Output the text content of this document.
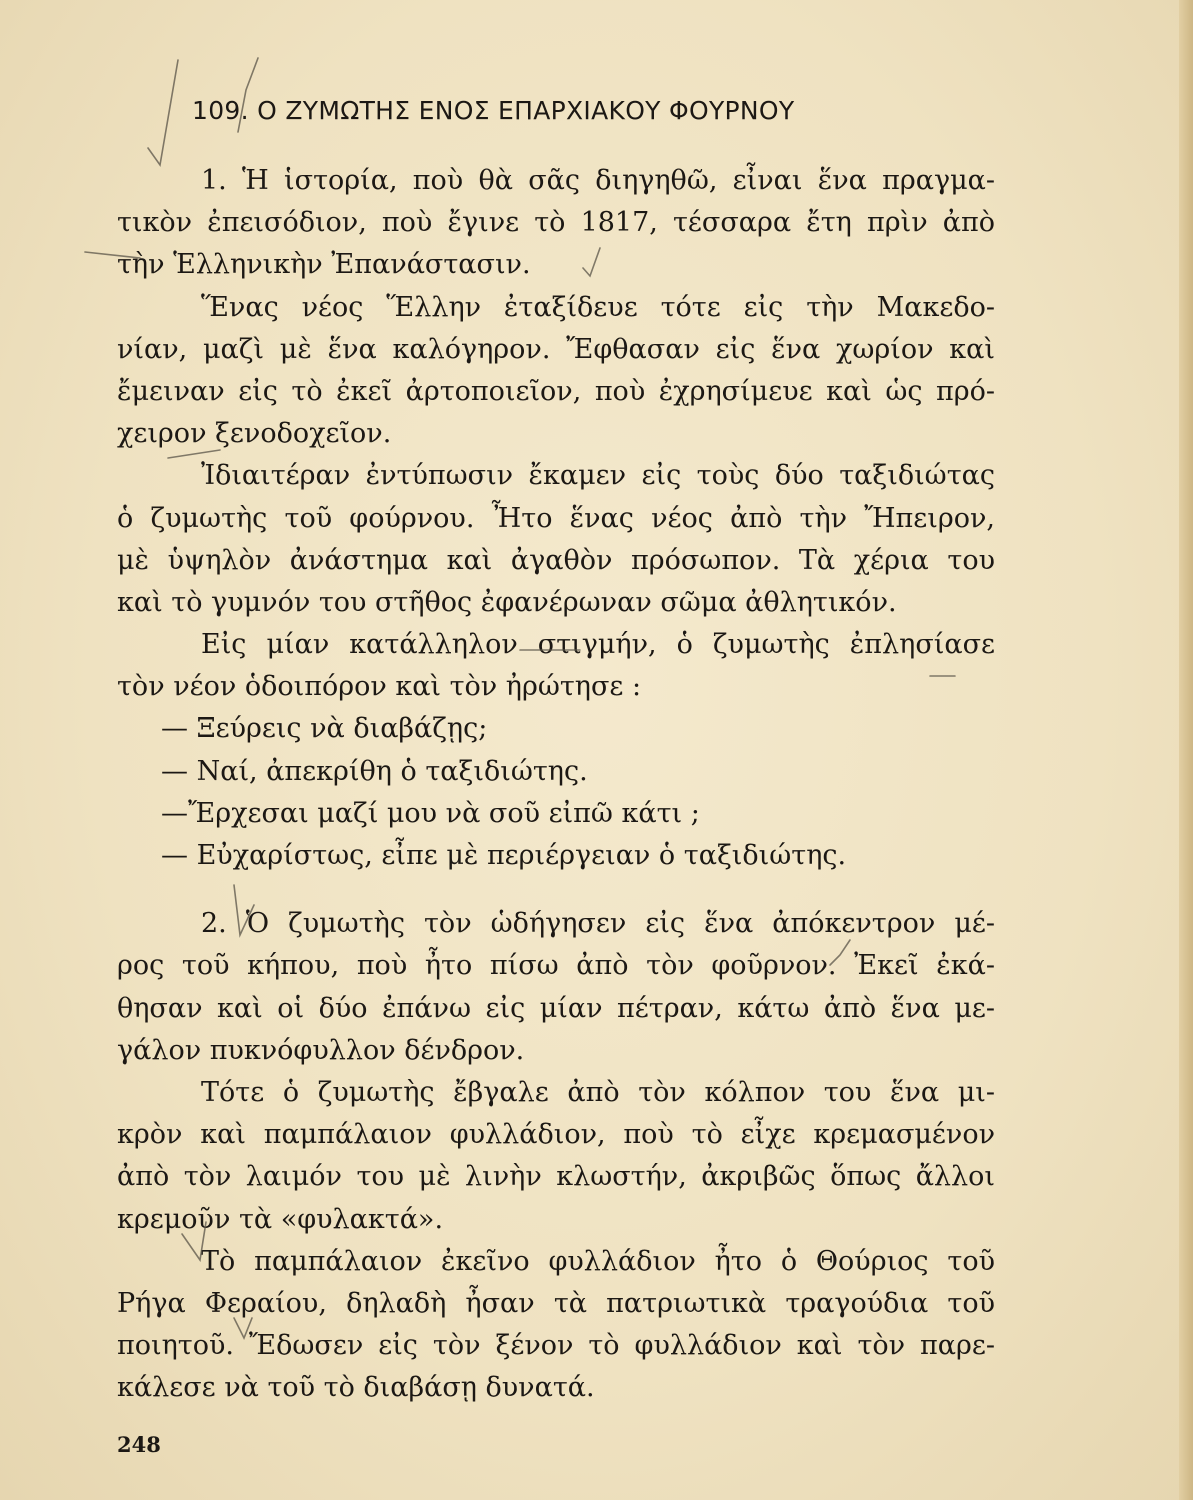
109. Ο ΖΥΜΩΤΗΣ ΕΝΟΣ ΕΠΑΡΧΙΑΚΟΥ ΦΟΥΡΝΟΥ
1. Ἡ ἱστορία, ποὺ θὰ σᾶς διηγηθῶ, εἶναι ἕνα πραγμα-
τικὸν ἐπεισόδιον, ποὺ ἔγινε τὸ 1817, τέσσαρα ἔτη πρὶν ἀπὸ
τὴν Ἑλληνικὴν Ἐπανάστασιν.
Ἕνας νέος Ἕλλην ἐταξίδευε τότε εἰς τὴν Μακεδο-
νίαν, μαζὶ μὲ ἕνα καλόγηρον. Ἔφθασαν εἰς ἕνα χωρίον καὶ
ἔμειναν εἰς τὸ ἐκεῖ ἀρτοποιεῖον, ποὺ ἐχρησίμευε καὶ ὡς πρό-
χειρον ξενοδοχεῖον.
Ἰδιαιτέραν ἐντύπωσιν ἔκαμεν εἰς τοὺς δύο ταξιδιώτας
ὁ ζυμωτὴς τοῦ φούρνου. Ἦτο ἕνας νέος ἀπὸ τὴν Ἤπειρον,
μὲ ὑψηλὸν ἀνάστημα καὶ ἀγαθὸν πρόσωπον. Τὰ χέρια του
καὶ τὸ γυμνόν του στῆθος ἐφανέρωναν σῶμα ἀθλητικόν.
Εἰς μίαν κατάλληλον στιγμήν, ὁ ζυμωτὴς ἐπλησίασε
τὸν νέον ὁδοιπόρον καὶ τὸν ἠρώτησε :
— Ξεύρεις νὰ διαβάζῃς;
— Ναί, ἀπεκρίθη ὁ ταξιδιώτης.
—Ἔρχεσαι μαζί μου νὰ σοῦ εἰπῶ κάτι ;
— Εὐχαρίστως, εἶπε μὲ περιέργειαν ὁ ταξιδιώτης.
2. Ὁ ζυμωτὴς τὸν ὡδήγησεν εἰς ἕνα ἀπόκεντρον μέ-
ρος τοῦ κήπου, ποὺ ἦτο πίσω ἀπὸ τὸν φοῦρνον. Ἐκεῖ ἐκά-
θησαν καὶ οἱ δύο ἐπάνω εἰς μίαν πέτραν, κάτω ἀπὸ ἕνα με-
γάλον πυκνόφυλλον δένδρον.
Τότε ὁ ζυμωτὴς ἔβγαλε ἀπὸ τὸν κόλπον του ἕνα μι-
κρὸν καὶ παμπάλαιον φυλλάδιον, ποὺ τὸ εἶχε κρεμασμένον
ἀπὸ τὸν λαιμόν του μὲ λινὴν κλωστήν, ἀκριβῶς ὅπως ἄλλοι
κρεμοῦν τὰ «φυλακτά».
Τὸ παμπάλαιον ἐκεῖνο φυλλάδιον ἦτο ὁ Θούριος τοῦ
Ρήγα Φεραίου, δηλαδὴ ἦσαν τὰ πατριωτικὰ τραγούδια τοῦ
ποιητοῦ. Ἔδωσεν εἰς τὸν ξένον τὸ φυλλάδιον καὶ τὸν παρε-
κάλεσε νὰ τοῦ τὸ διαβάσῃ δυνατά.
248
